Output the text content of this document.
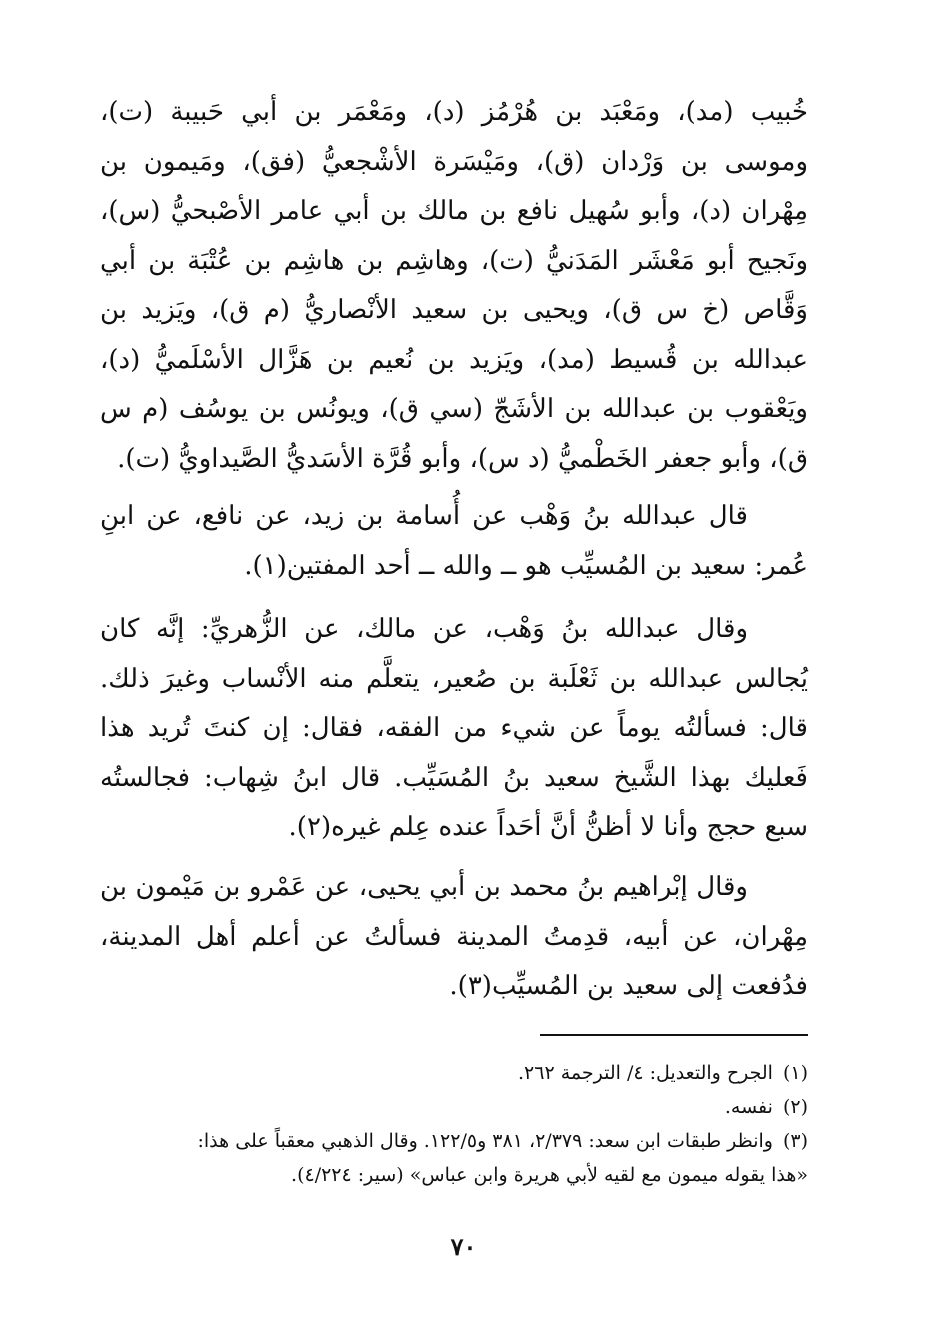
خُبيب (مد)، ومَعْبَد بن هُرْمُز (د)، ومَعْمَر بن أبي حَبيبة (ت)، وموسى بن وَرْدان (ق)، ومَيْسَرة الأشْجعيُّ (فق)، ومَيمون بن مِهْران (د)، وأبو سُهيل نافع بن مالك بن أبي عامر الأصْبحيُّ (س)، ونَجيح أبو مَعْشَر المَدَنيُّ (ت)، وهاشِم بن هاشِم بن عُتْبَة بن أبي وَقَّاص (خ س ق)، ويحيى بن سعيد الأنْصاريُّ (م ق)، ويَزيد بن عبدالله بن قُسيط (مد)، ويَزيد بن نُعيم بن هَزَّال الأسْلَميُّ (د)، ويَعْقوب بن عبدالله بن الأشَجّ (سي ق)، ويونُس بن يوسُف (م س ق)، وأبو جعفر الخَطْميُّ (د س)، وأبو قُرَّة الأسَديُّ الصَّيداويُّ (ت).

قال عبدالله بنُ وَهْب عن أُسامة بن زيد، عن نافع، عن ابنِ عُمر: سعيد بن المُسيِّب هو ــ والله ــ أحد المفتين(١).

وقال عبدالله بنُ وَهْب، عن مالك، عن الزُّهريِّ: إنَّه كان يُجالس عبدالله بن ثَعْلَبة بن صُعير، يتعلَّم منه الأنْساب وغيرَ ذلك. قال: فسألتُه يوماً عن شيء من الفقه، فقال: إن كنتَ تُريد هذا فَعليك بهذا الشَّيخ سعيد بنُ المُسَيِّب. قال ابنُ شِهاب: فجالستُه سبع حجج وأنا لا أظنُّ أنَّ أحَداً عنده عِلم غيره(٢).

وقال إبْراهيم بنُ محمد بن أبي يحيى، عن عَمْرو بن مَيْمون بن مِهْران، عن أبيه، قدِمتُ المدينة فسألتُ عن أعلم أهل المدينة، فدُفعت إلى سعيد بن المُسيِّب(٣).

(١)الجرح والتعديل: ٤/ الترجمة ٢٦٢.
(٢)نفسه.
(٣)وانظر طبقات ابن سعد: ٢/٣٧٩، ٣٨١ و١٢٢/٥. وقال الذهبي معقباً على هذا:
«هذا يقوله ميمون مع لقيه لأبي هريرة وابن عباس» (سير: ٤/٢٢٤).
٧٠
